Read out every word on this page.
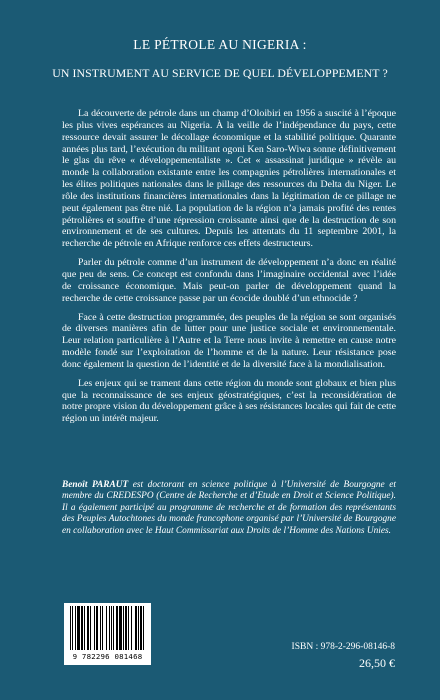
LE PÉTROLE AU NIGERIA :
UN INSTRUMENT AU SERVICE DE QUEL DÉVELOPPEMENT ?

La découverte de pétrole dans un champ d’Oloibiri en 1956 a suscité à l’époque les plus vives espérances au Nigeria. À la veille de l’indépendance du pays, cette ressource devait assurer le décollage économique et la stabilité politique. Quarante années plus tard, l’exécution du militant ogoni Ken Saro-Wiwa sonne définitivement le glas du rêve « développementaliste ». Cet « assassinat juridique » révèle au monde la collaboration existante entre les compagnies pétrolières internationales et les élites politiques nationales dans le pillage des ressources du Delta du Niger. Le rôle des institutions financières internationales dans la légitimation de ce pillage ne peut également pas être nié. La population de la région n’a jamais profité des rentes pétrolières et souffre d’une répression croissante ainsi que de la destruction de son environnement et de ses cultures. Depuis les attentats du 11 septembre 2001, la recherche de pétrole en Afrique renforce ces effets destructeurs.

Parler du pétrole comme d’un instrument de développement n’a donc en réalité que peu de sens. Ce concept est confondu dans l’imaginaire occidental avec l’idée de croissance économique. Mais peut-on parler de développement quand la recherche de cette croissance passe par un écocide doublé d’un ethnocide ?

Face à cette destruction programmée, des peuples de la région se sont organisés de diverses manières afin de lutter pour une justice sociale et environnementale. Leur relation particulière à l’Autre et la Terre nous invite à remettre en cause notre modèle fondé sur l’exploitation de l’homme et de la nature. Leur résistance pose donc également la question de l’identité et de la diversité face à la mondialisation.

Les enjeux qui se trament dans cette région du monde sont globaux et bien plus que la reconnaissance de ses enjeux géostratégiques, c’est la reconsidération de notre propre vision du développement grâce à ses résistances locales qui fait de cette région un intérêt majeur.

Benoît PARAUT est doctorant en science politique à l’Université de Bourgogne et membre du CREDESPO (Centre de Recherche et d’Etude en Droit et Science Politique). Il a également participé au programme de recherche et de formation des représentants des Peuples Autochtones du monde francophone organisé par l’Université de Bourgogne en collaboration avec le Haut Commissariat aux Droits de l’Homme des Nations Unies.
9 782296 081468
ISBN : 978-2-296-08146-8
26,50 €
